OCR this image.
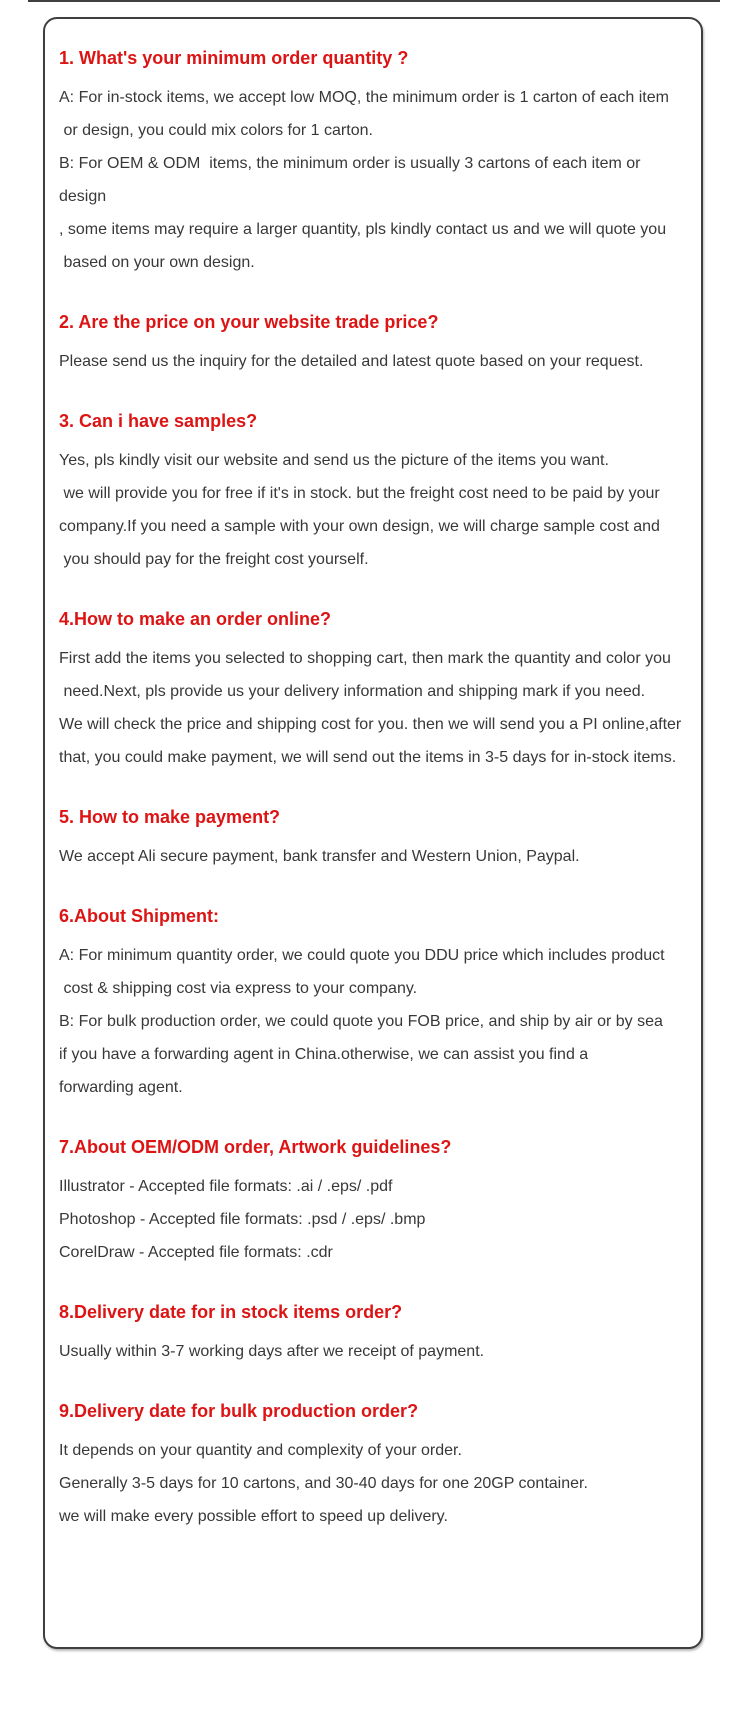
1. What's your minimum order quantity ?

A: For in-stock items, we accept low MOQ, the minimum order is 1 carton of each item

or design, you could mix colors for 1 carton.

B: For OEM & ODM  items, the minimum order is usually 3 cartons of each item or design

, some items may require a larger quantity, pls kindly contact us and we will quote you

based on your own design.

2. Are the price on your website trade price?

Please send us the inquiry for the detailed and latest quote based on your request.

3. Can i have samples?

Yes, pls kindly visit our website and send us the picture of the items you want.

we will provide you for free if it's in stock. but the freight cost need to be paid by your

company.If you need a sample with your own design, we will charge sample cost and

you should pay for the freight cost yourself.

4.How to make an order online?

First add the items you selected to shopping cart, then mark the quantity and color you

need.Next, pls provide us your delivery information and shipping mark if you need.

We will check the price and shipping cost for you. then we will send you a PI online,after

that, you could make payment, we will send out the items in 3-5 days for in-stock items.

5. How to make payment?

We accept Ali secure payment, bank transfer and Western Union, Paypal.

6.About Shipment:

A: For minimum quantity order, we could quote you DDU price which includes product

cost & shipping cost via express to your company.

B: For bulk production order, we could quote you FOB price, and ship by air or by sea

if you have a forwarding agent in China.otherwise, we can assist you find a

forwarding agent.

7.About OEM/ODM order, Artwork guidelines?

Illustrator - Accepted file formats: .ai / .eps/ .pdf

Photoshop - Accepted file formats: .psd / .eps/ .bmp

CorelDraw - Accepted file formats: .cdr

8.Delivery date for in stock items order?

Usually within 3-7 working days after we receipt of payment.

9.Delivery date for bulk production order?

It depends on your quantity and complexity of your order.

Generally 3-5 days for 10 cartons, and 30-40 days for one 20GP container.

we will make every possible effort to speed up delivery.
